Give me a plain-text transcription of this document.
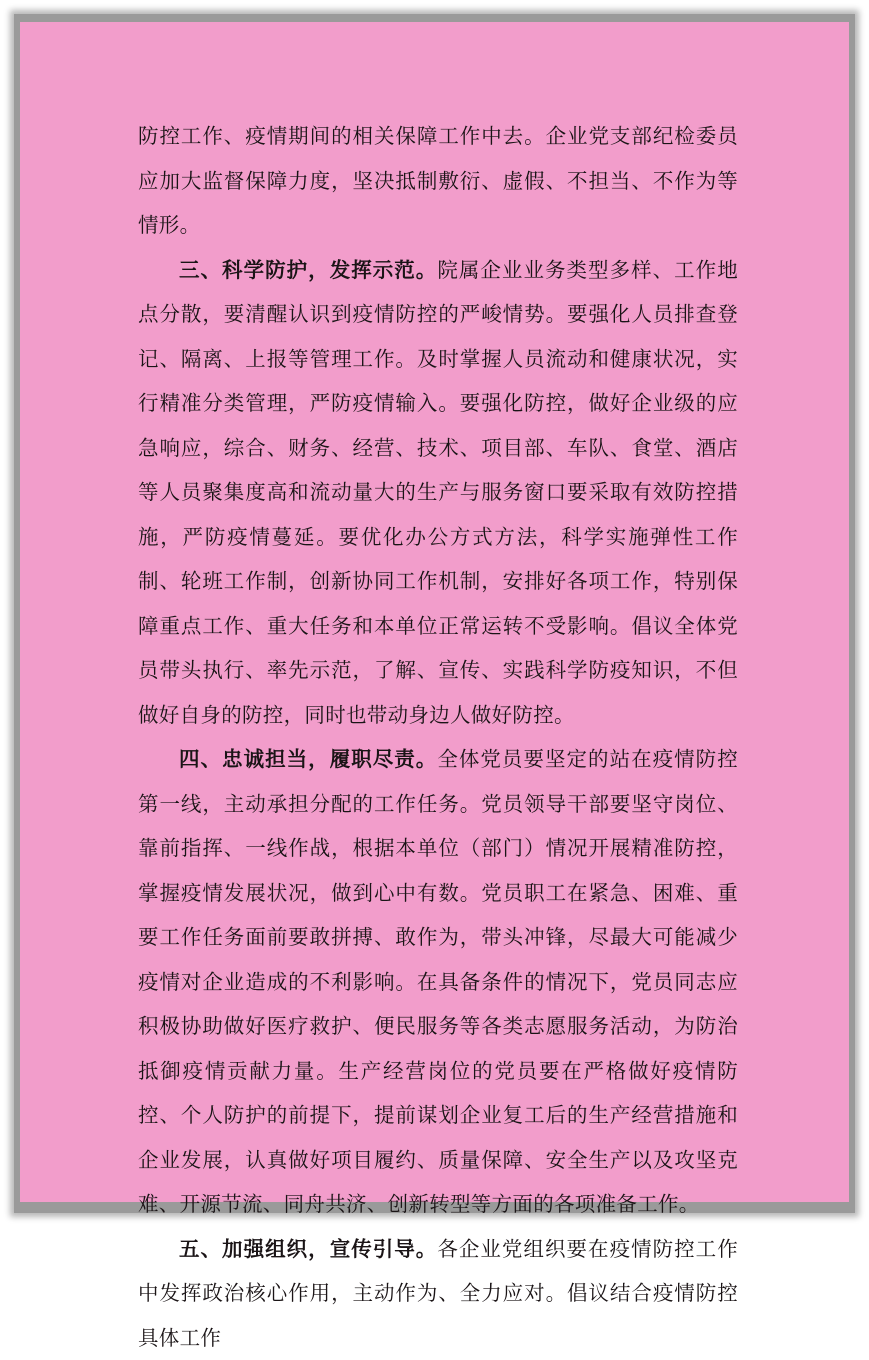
防控工作、疫情期间的相关保障工作中去。企业党支部纪检委员应加大监督保障力度，坚决抵制敷衍、虚假、不担当、不作为等情形。

三、科学防护，发挥示范。院属企业业务类型多样、工作地点分散，要清醒认识到疫情防控的严峻情势。要强化人员排查登记、隔离、上报等管理工作。及时掌握人员流动和健康状况，实行精准分类管理，严防疫情输入。要强化防控，做好企业级的应急响应，综合、财务、经营、技术、项目部、车队、食堂、酒店等人员聚集度高和流动量大的生产与服务窗口要采取有效防控措施，严防疫情蔓延。要优化办公方式方法，科学实施弹性工作制、轮班工作制，创新协同工作机制，安排好各项工作，特别保障重点工作、重大任务和本单位正常运转不受影响。倡议全体党员带头执行、率先示范，了解、宣传、实践科学防疫知识，不但做好自身的防控，同时也带动身边人做好防控。

四、忠诚担当，履职尽责。全体党员要坚定的站在疫情防控第一线，主动承担分配的工作任务。党员领导干部要坚守岗位、靠前指挥、一线作战，根据本单位（部门）情况开展精准防控，掌握疫情发展状况，做到心中有数。党员职工在紧急、困难、重要工作任务面前要敢拼搏、敢作为，带头冲锋，尽最大可能减少疫情对企业造成的不利影响。在具备条件的情况下，党员同志应积极协助做好医疗救护、便民服务等各类志愿服务活动，为防治抵御疫情贡献力量。生产经营岗位的党员要在严格做好疫情防控、个人防护的前提下，提前谋划企业复工后的生产经营措施和企业发展，认真做好项目履约、质量保障、安全生产以及攻坚克难、开源节流、同舟共济、创新转型等方面的各项准备工作。

五、加强组织，宣传引导。各企业党组织要在疫情防控工作中发挥政治核心作用，主动作为、全力应对。倡议结合疫情防控具体工作
